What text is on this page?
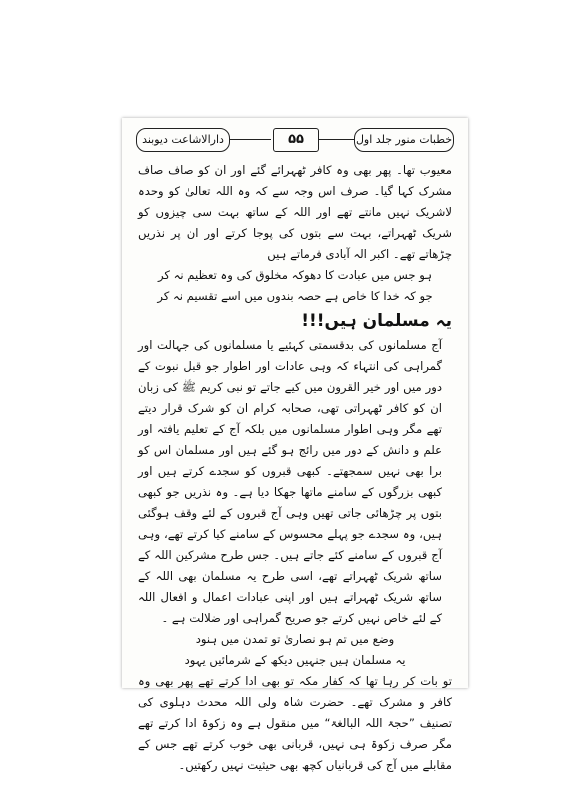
خطبات منور جلد اول
۵۵
دارالاشاعت دیوبند

معیوب تھا۔ پھر بھی وہ کافر ٹھہرائے گئے اور ان کو صاف صاف مشرک کہا گیا۔ صرف اس وجہ سے کہ وہ اللہ تعالیٰ کو وحدہ لاشریک نہیں مانتے تھے اور اللہ کے ساتھ بہت سی چیزوں کو شریک ٹھہراتے، بہت سے بتوں کی پوجا کرتے اور ان پر نذریں چڑھاتے تھے۔ اکبر الہ آبادی فرماتے ہیں

ہو جس میں عبادت کا دھوکہ مخلوق کی وہ تعظیم نہ کر

جو کہ خدا کا خاص ہے حصہ بندوں میں اسے تقسیم نہ کر

یہ مسلمان ہیں!!!

آج مسلمانوں کی بدقسمتی کہئیے یا مسلمانوں کی جہالت اور گمراہی کی انتہاء کہ وہی عادات اور اطوار جو قبل نبوت کے دور میں اور خیر القرون میں کیے جاتے تو نبی کریم ﷺ کی زبان ان کو کافر ٹھہراتی تھی، صحابہ کرام ان کو شرک قرار دیتے تھے مگر وہی اطوار مسلمانوں میں بلکہ آج کے تعلیم یافتہ اور علم و دانش کے دور میں رائج ہو گئے ہیں اور مسلمان اس کو برا بھی نہیں سمجھتے۔ کبھی قبروں کو سجدے کرتے ہیں اور کبھی بزرگوں کے سامنے ماتھا جھکا دیا ہے۔ وہ نذریں جو کبھی بتوں پر چڑھائی جاتی تھیں وہی آج قبروں کے لئے وقف ہوگئی ہیں، وہ سجدے جو پہلے محسوس کے سامنے کیا کرتے تھے، وہی آج قبروں کے سامنے کئے جاتے ہیں۔ جس طرح مشرکین اللہ کے ساتھ شریک ٹھہراتے تھے، اسی طرح یہ مسلمان بھی اللہ کے ساتھ شریک ٹھہراتے ہیں اور اپنی عبادات اعمال و افعال اللہ کے لئے خاص نہیں کرتے جو صریح گمراہی اور ضلالت ہے ۔

وضع میں تم ہو نصاریٰ تو تمدن میں ہنود

یہ مسلمان ہیں جنہیں دیکھ کے شرمائیں یہود

تو بات کر رہا تھا کہ کفار مکہ تو بھی ادا کرتے تھے پھر بھی وہ کافر و مشرک تھے۔ حضرت شاہ ولی اللہ محدث دہلوی کی تصنیف ”حجۃ اللہ البالغۃ“ میں منقول ہے وہ زکوۃ ادا کرتے تھے مگر صرف زکوۃ ہی نہیں، قربانی بھی خوب کرتے تھے جس کے مقابلے میں آج کی قربانیاں کچھ بھی حیثیت نہیں رکھتیں۔
